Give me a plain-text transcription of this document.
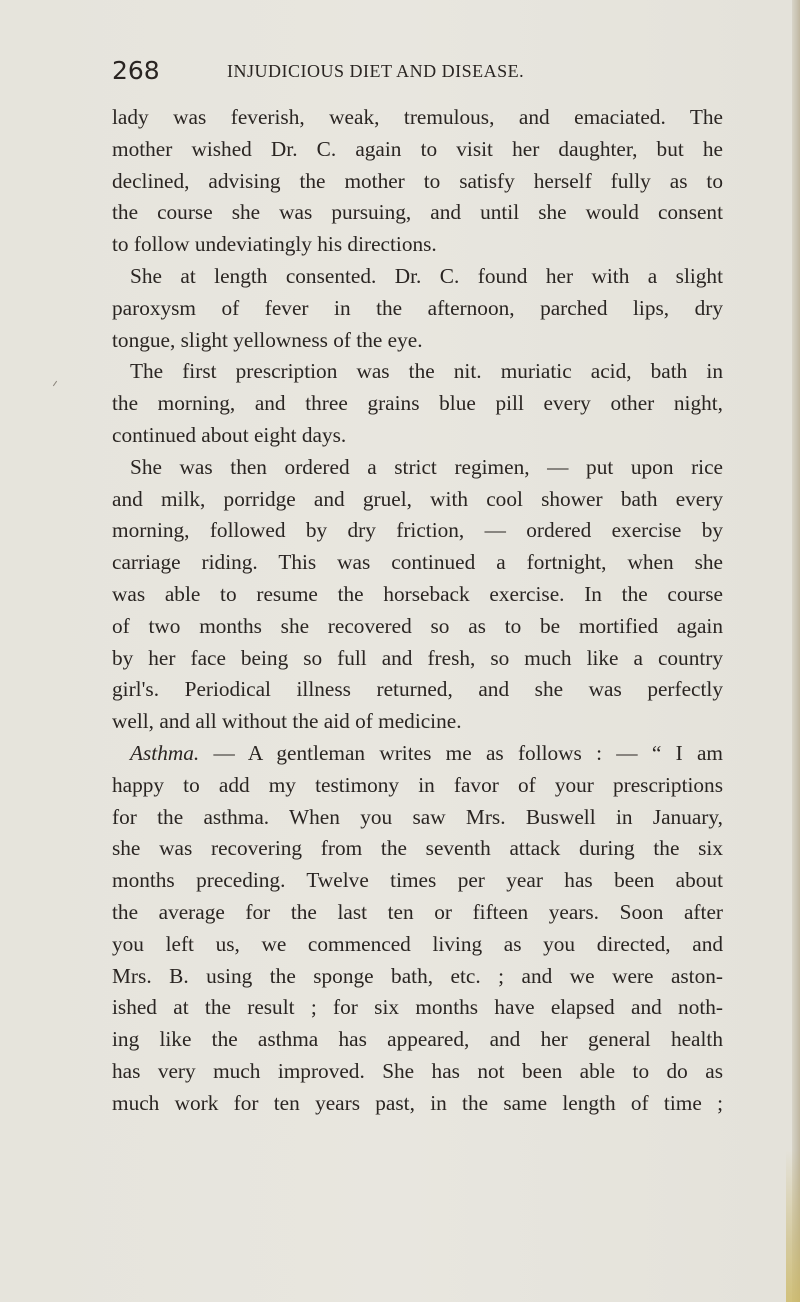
268	INJUDICIOUS DIET AND DISEASE.
lady was feverish, weak, tremulous, and emaciated. The
mother wished Dr. C. again to visit her daughter, but he
declined, advising the mother to satisfy herself fully as to
the course she was pursuing, and until she would consent
to follow undeviatingly his directions.
She at length consented. Dr. C. found her with a slight
paroxysm of fever in the afternoon, parched lips, dry
tongue, slight yellowness of the eye.
The first prescription was the nit. muriatic acid, bath in
the morning, and three grains blue pill every other night,
continued about eight days.
She was then ordered a strict regimen, — put upon rice
and milk, porridge and gruel, with cool shower bath every
morning, followed by dry friction, — ordered exercise by
carriage riding. This was continued a fortnight, when she
was able to resume the horseback exercise. In the course
of two months she recovered so as to be mortified again
by her face being so full and fresh, so much like a country
girl's. Periodical illness returned, and she was perfectly
well, and all without the aid of medicine.
Asthma. — A gentleman writes me as follows : — “ I am
happy to add my testimony in favor of your prescriptions
for the asthma. When you saw Mrs. Buswell in January,
she was recovering from the seventh attack during the six
months preceding. Twelve times per year has been about
the average for the last ten or fifteen years. Soon after
you left us, we commenced living as you directed, and
Mrs. B. using the sponge bath, etc. ; and we were aston-
ished at the result ; for six months have elapsed and noth-
ing like the asthma has appeared, and her general health
has very much improved. She has not been able to do as
much work for ten years past, in the same length of time ;
